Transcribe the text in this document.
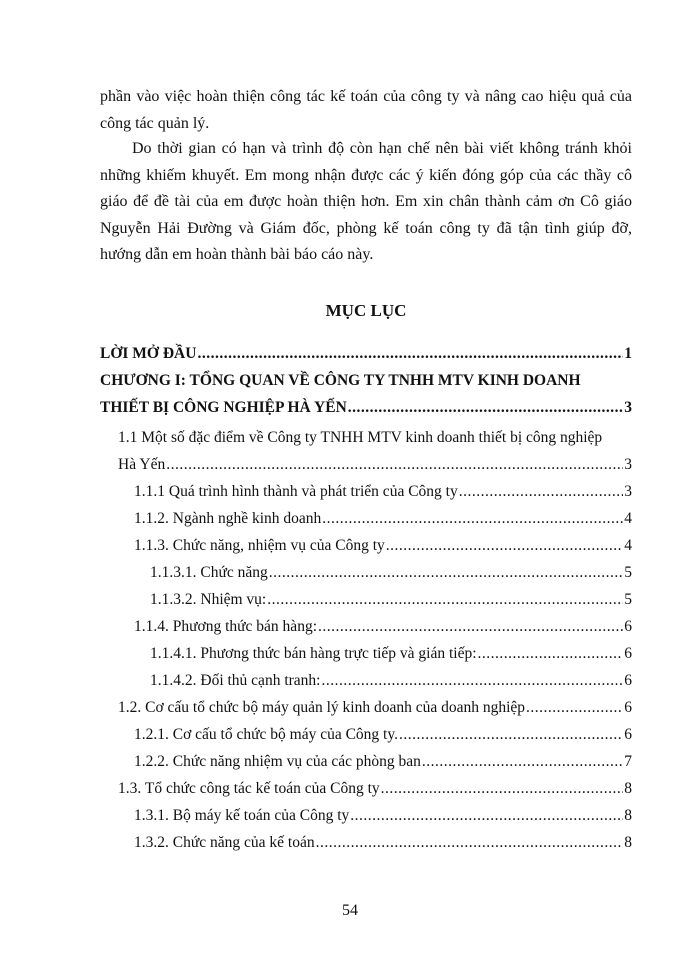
phần vào việc hoàn thiện công tác kế toán của công ty và nâng cao hiệu quả của công tác quản lý.

Do thời gian có hạn và trình độ còn hạn chế nên bài viết không tránh khỏi những khiếm khuyết. Em mong nhận được các ý kiến đóng góp của các thầy cô giáo để đề tài của em được hoàn thiện hơn. Em xin chân thành cảm ơn Cô giáo Nguyễn Hải Đường và Giám đốc, phòng kế toán công ty đã tận tình giúp đỡ, hướng dẫn em hoàn thành bài báo cáo này.

MỤC LỤC
LỜI MỞ ĐẦU .....	1
CHƯƠNG I: TỔNG QUAN VỀ CÔNG TY TNHH MTV KINH DOANH
THIẾT BỊ CÔNG NGHIỆP HÀ YẾN .....	3
1.1 Một số đặc điểm về Công ty TNHH MTV kinh doanh thiết bị công nghiệp
Hà Yến .....	3
1.1.1 Quá trình hình thành và phát triển của Công ty .....	3
1.1.2. Ngành nghề kinh doanh .....	4
1.1.3. Chức năng, nhiệm vụ của Công ty .....	4
1.1.3.1. Chức năng .....	5
1.1.3.2. Nhiệm vụ: .....	5
1.1.4. Phương thức bán hàng: .....	6
1.1.4.1. Phương thức bán hàng trực tiếp và gián tiếp: .....	6
1.1.4.2. Đối thủ cạnh tranh: .....	6
1.2. Cơ cấu tổ chức bộ máy quản lý kinh doanh của doanh nghiệp .....	6
1.2.1. Cơ cấu tổ chức bộ máy của Công ty. .....	6
1.2.2. Chức năng nhiệm vụ của các phòng ban .....	7
1.3. Tổ chức công tác kế toán của Công ty .....	8
1.3.1. Bộ máy kế toán của Công ty .....	8
1.3.2. Chức năng của kế toán .....	8
54
